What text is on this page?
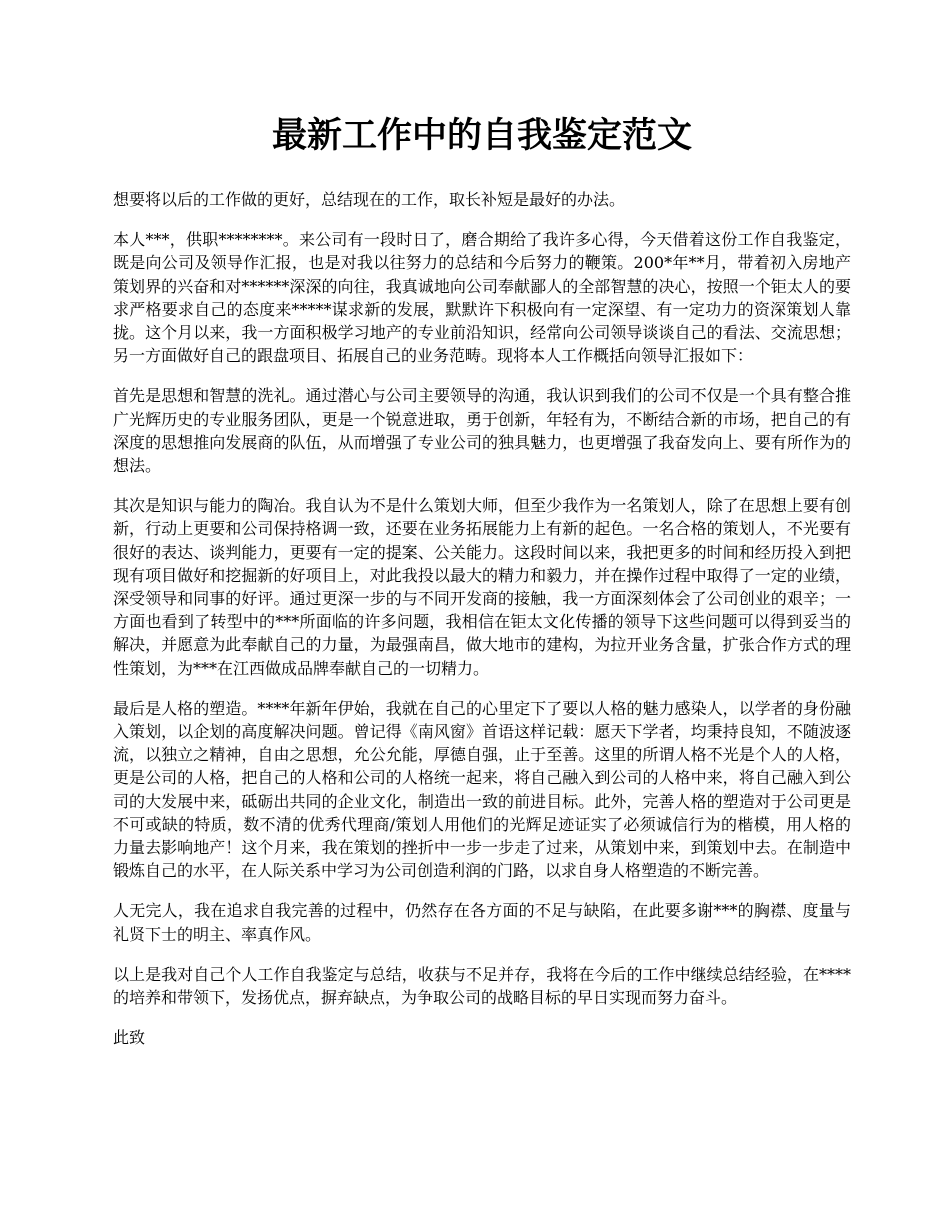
最新工作中的自我鉴定范文

想要将以后的工作做的更好，总结现在的工作，取长补短是最好的办法。

本人***，供职********。来公司有一段时日了，磨合期给了我许多心得，今天借着这份工作自我鉴定，既是向公司及领导作汇报，也是对我以往努力的总结和今后努力的鞭策。200*年**月，带着初入房地产策划界的兴奋和对******深深的向往，我真诚地向公司奉献鄙人的全部智慧的决心，按照一个钜太人的要求严格要求自己的态度来*****谋求新的发展，默默许下积极向有一定深望、有一定功力的资深策划人靠拢。这个月以来，我一方面积极学习地产的专业前沿知识，经常向公司领导谈谈自己的看法、交流思想；另一方面做好自己的跟盘项目、拓展自己的业务范畴。现将本人工作概括向领导汇报如下：

首先是思想和智慧的洗礼。通过潜心与公司主要领导的沟通，我认识到我们的公司不仅是一个具有整合推广光辉历史的专业服务团队，更是一个锐意进取，勇于创新，年轻有为，不断结合新的市场，把自己的有深度的思想推向发展商的队伍，从而增强了专业公司的独具魅力，也更增强了我奋发向上、要有所作为的想法。

其次是知识与能力的陶冶。我自认为不是什么策划大师，但至少我作为一名策划人，除了在思想上要有创新，行动上更要和公司保持格调一致，还要在业务拓展能力上有新的起色。一名合格的策划人，不光要有很好的表达、谈判能力，更要有一定的提案、公关能力。这段时间以来，我把更多的时间和经历投入到把现有项目做好和挖掘新的好项目上，对此我投以最大的精力和毅力，并在操作过程中取得了一定的业绩，深受领导和同事的好评。通过更深一步的与不同开发商的接触，我一方面深刻体会了公司创业的艰辛；一方面也看到了转型中的***所面临的许多问题，我相信在钜太文化传播的领导下这些问题可以得到妥当的解决，并愿意为此奉献自己的力量，为最强南昌，做大地市的建构，为拉开业务含量，扩张合作方式的理性策划，为***在江西做成品牌奉献自己的一切精力。

最后是人格的塑造。****年新年伊始，我就在自己的心里定下了要以人格的魅力感染人，以学者的身份融入策划，以企划的高度解决问题。曾记得《南风窗》首语这样记载：愿天下学者，均秉持良知，不随波逐流，以独立之精神，自由之思想，允公允能，厚德自强，止于至善。这里的所谓人格不光是个人的人格，更是公司的人格，把自己的人格和公司的人格统一起来，将自己融入到公司的人格中来，将自己融入到公司的大发展中来，砥砺出共同的企业文化，制造出一致的前进目标。此外，完善人格的塑造对于公司更是不可或缺的特质，数不清的优秀代理商/策划人用他们的光辉足迹证实了必须诚信行为的楷模，用人格的力量去影响地产！这个月来，我在策划的挫折中一步一步走了过来，从策划中来，到策划中去。在制造中锻炼自己的水平，在人际关系中学习为公司创造利润的门路，以求自身人格塑造的不断完善。

人无完人，我在追求自我完善的过程中，仍然存在各方面的不足与缺陷，在此要多谢***的胸襟、度量与礼贤下士的明主、率真作风。

以上是我对自己个人工作自我鉴定与总结，收获与不足并存，我将在今后的工作中继续总结经验，在****的培养和带领下，发扬优点，摒弃缺点，为争取公司的战略目标的早日实现而努力奋斗。

此致
